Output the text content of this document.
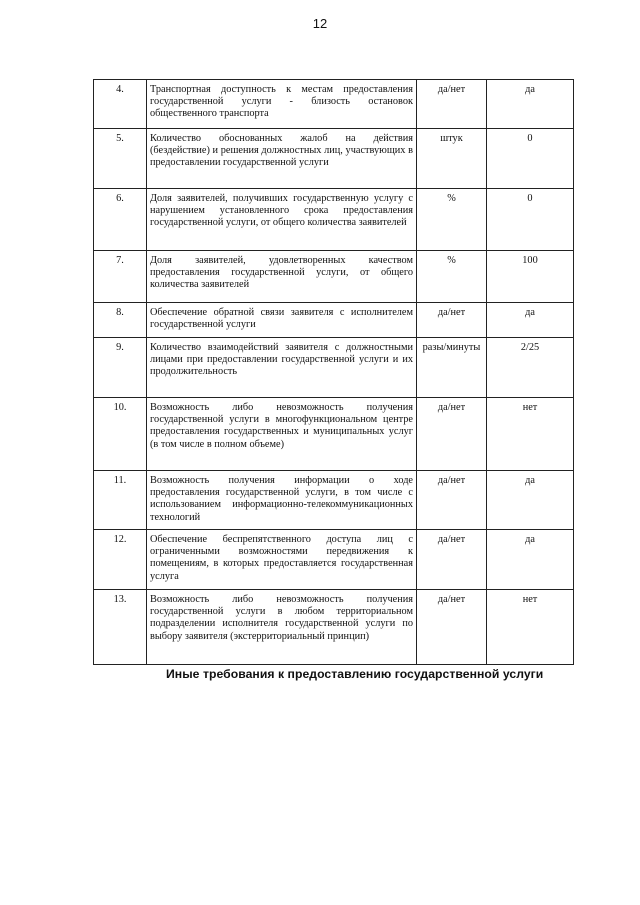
12
4.	Транспортная доступность к местам предоставления государственной услуги - близость остановок общественного транспорта	да/нет	да
5.	Количество обоснованных жалоб на действия (бездействие) и решения должностных лиц, участвующих в предоставлении государственной услуги	штук	0
6.	Доля заявителей, получивших государственную услугу с нарушением установленного срока предоставления государственной услуги, от общего количества заявителей	%	0
7.	Доля заявителей, удовлетворенных качеством предоставления государственной услуги, от общего количества заявителей	%	100
8.	Обеспечение обратной связи заявителя с исполнителем государственной услуги	да/нет	да
9.	Количество взаимодействий заявителя с должностными лицами при предоставлении государственной услуги и их продолжительность	разы/минуты	2/25
10.	Возможность либо невозможность получения государственной услуги в многофункциональном центре предоставления государственных и муниципальных услуг (в том числе в полном объеме)	да/нет	нет
11.	Возможность получения информации о ходе предоставления государственной услуги, в том числе с использованием информационно-телекоммуникационных технологий	да/нет	да
12.	Обеспечение беспрепятственного доступа лиц с ограниченными возможностями передвижения к помещениям, в которых предоставляется государственная услуга	да/нет	да
13.	Возможность либо невозможность получения государственной услуги в любом территориальном подразделении исполнителя государственной услуги по выбору заявителя (экстерриториальный принцип)	да/нет	нет
Иные требования к предоставлению государственной услуги
